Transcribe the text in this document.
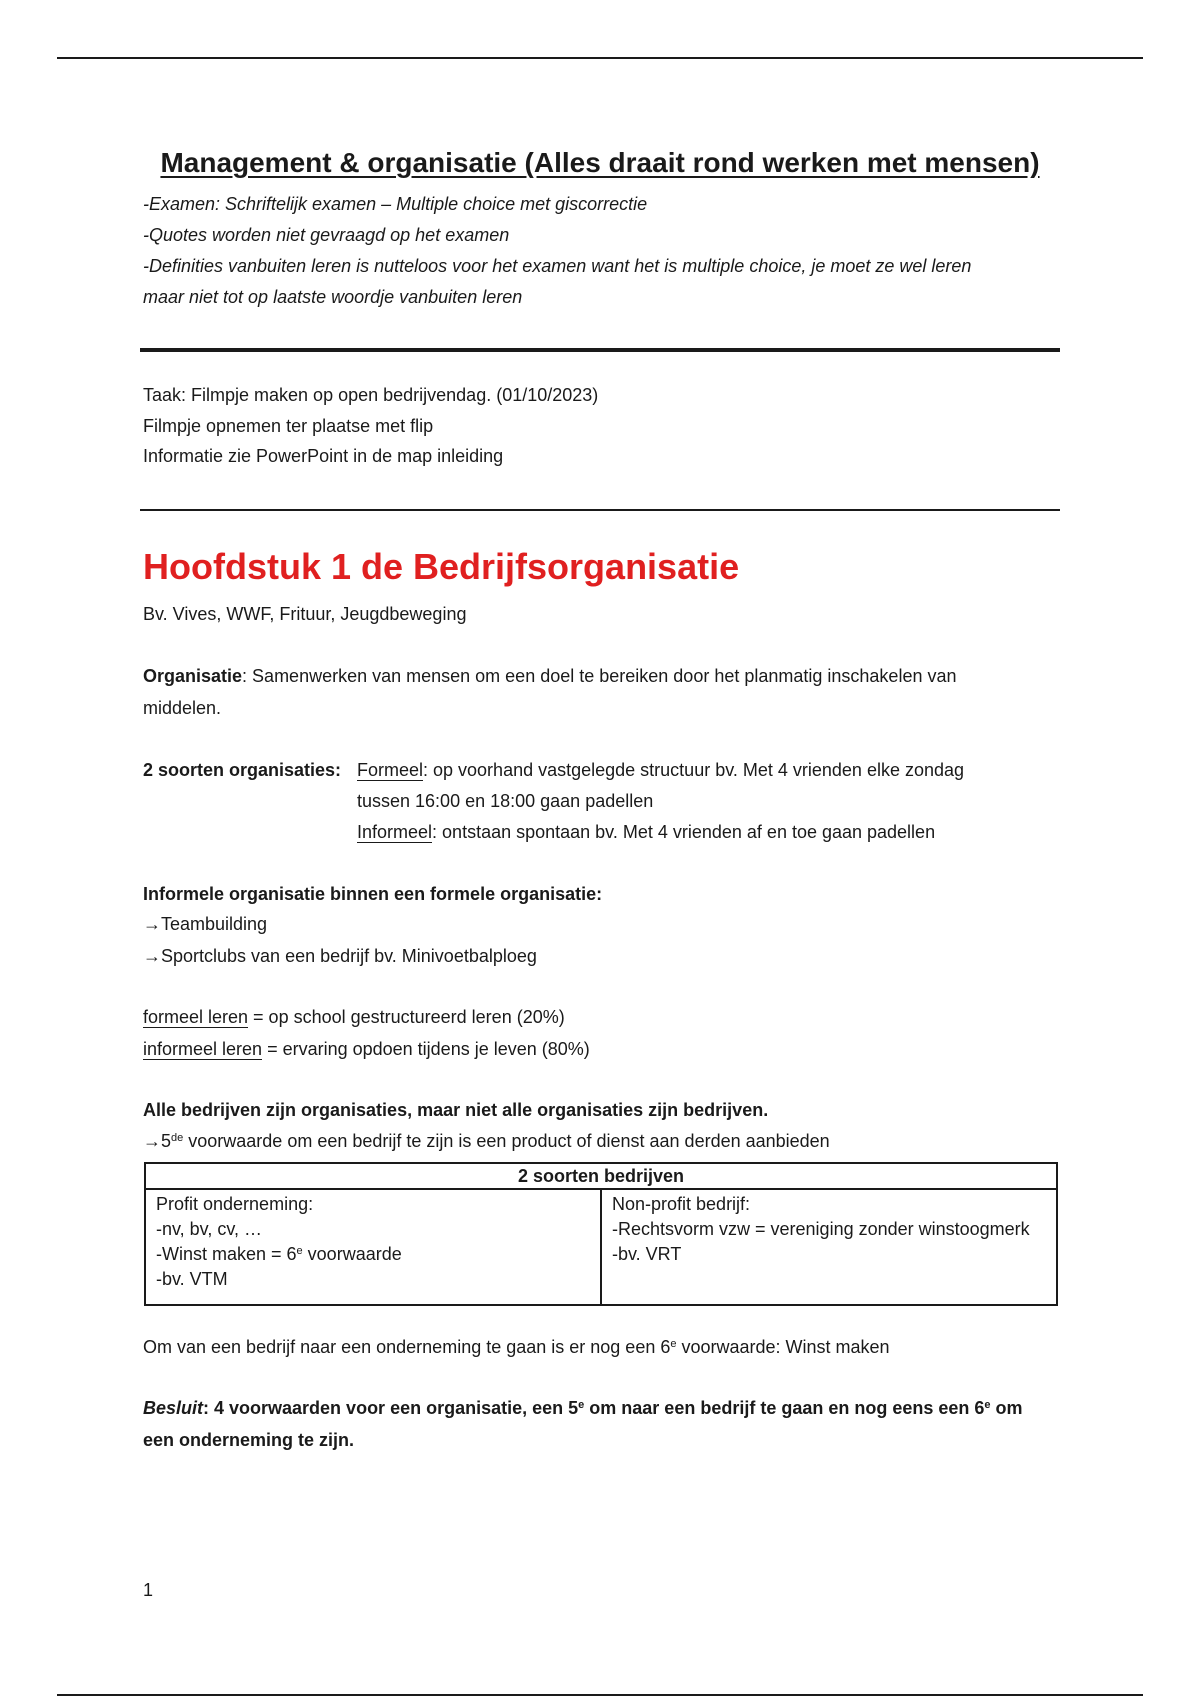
Management & organisatie (Alles draait rond werken met mensen)
-Examen: Schriftelijk examen – Multiple choice met giscorrectie
-Quotes worden niet gevraagd op het examen
-Definities vanbuiten leren is nutteloos voor het examen want het is multiple choice, je moet ze wel leren
maar niet tot op laatste woordje vanbuiten leren
Taak: Filmpje maken op open bedrijvendag. (01/10/2023)
Filmpje opnemen ter plaatse met flip
Informatie zie PowerPoint in de map inleiding
Hoofdstuk 1 de Bedrijfsorganisatie
Bv. Vives, WWF, Frituur, Jeugdbeweging
Organisatie: Samenwerken van mensen om een doel te bereiken door het planmatig inschakelen van
middelen.
2 soorten organisaties: Formeel: op voorhand vastgelegde structuur bv. Met 4 vrienden elke zondag
tussen 16:00 en 18:00 gaan padellen
Informeel: ontstaan spontaan bv. Met 4 vrienden af en toe gaan padellen
Informele organisatie binnen een formele organisatie:
→Teambuilding
→Sportclubs van een bedrijf bv. Minivoetbalploeg
formeel leren = op school gestructureerd leren (20%)
informeel leren = ervaring opdoen tijdens je leven (80%)
Alle bedrijven zijn organisaties, maar niet alle organisaties zijn bedrijven.
→5de voorwaarde om een bedrijf te zijn is een product of dienst aan derden aanbieden
2 soorten bedrijven

Profit onderneming:
-nv, bv, cv, …
-Winst maken = $6^e$ voorwaarde
-bv. VTM

Non-profit bedrijf:
-Rechtsvorm vzw = vereniging zonder winstoogmerk
-bv. VRT
Om van een bedrijf naar een onderneming te gaan is er nog een 6e voorwaarde: Winst maken
Besluit: 4 voorwaarden voor een organisatie, een 5e om naar een bedrijf te gaan en nog eens een 6e om
een onderneming te zijn.
1
